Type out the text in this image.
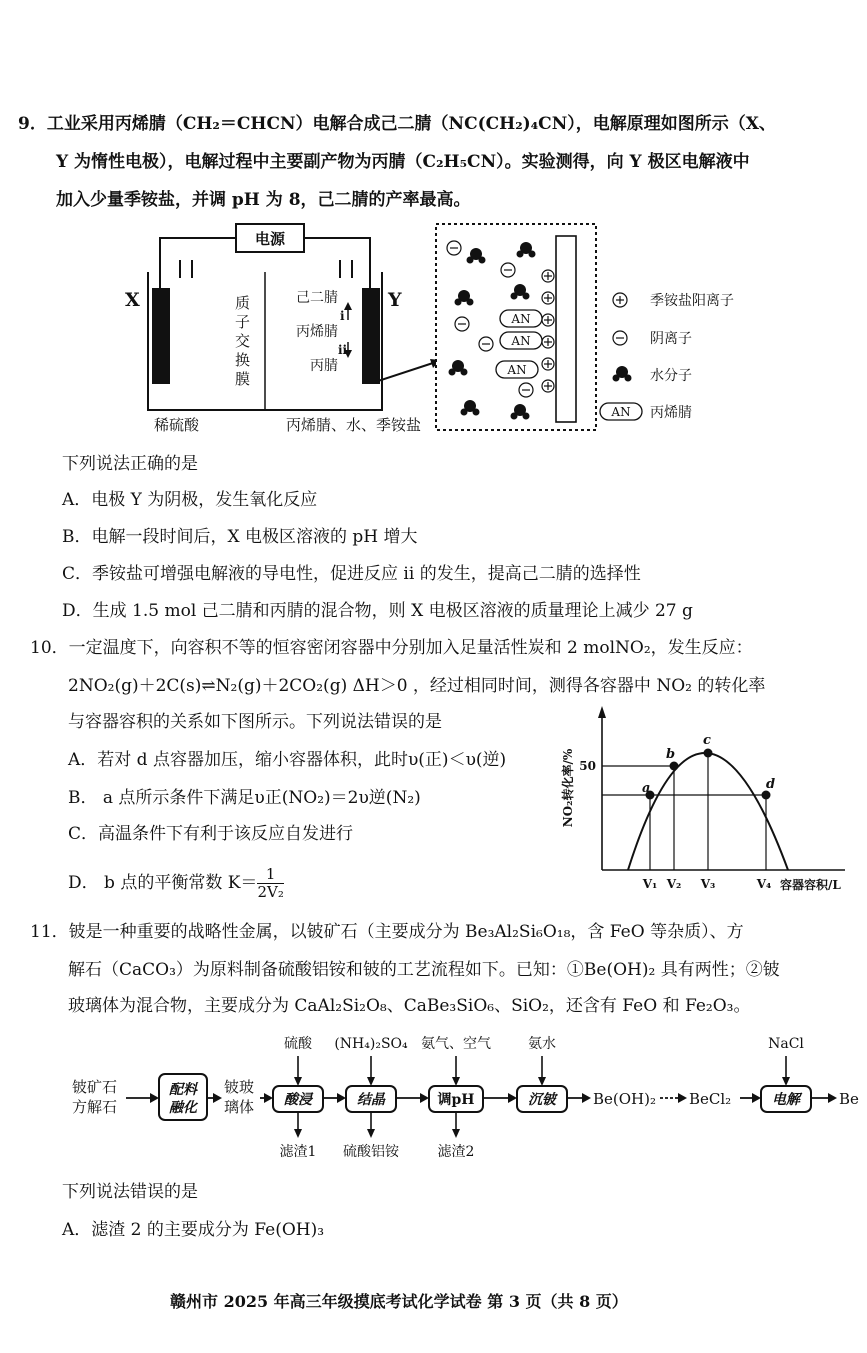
9．工业采用丙烯腈（CH₂＝CHCN）电解合成己二腈（NC(CH₂)₄CN），电解原理如图所示（X、
Y 为惰性电极），电解过程中主要副产物为丙腈（C₂H₅CN）。实验测得，向 Y 极区电解液中
加入少量季铵盐，并调 pH 为 8，己二腈的产率最高。
电源
X	Y
质
子
交
换
膜
己二腈
丙烯腈
丙腈
i
ii
稀硫酸	丙烯腈、水、季铵盐
AN
AN
AN
AN
季铵盐阳离子
阴离子
水分子
丙烯腈
下列说法正确的是
A．电极 Y 为阴极，发生氧化反应
B．电解一段时间后，X 电极区溶液的 pH 增大
C．季铵盐可增强电解液的导电性，促进反应 ii 的发生，提高己二腈的选择性
D．生成 1.5 mol 己二腈和丙腈的混合物，则 X 电极区溶液的质量理论上减少 27 g
10．一定温度下，向容积不等的恒容密闭容器中分别加入足量活性炭和 2 molNO₂，发生反应：
2NO₂(g)＋2C(s)⇌N₂(g)＋2CO₂(g) ΔH＞0 ，经过相同时间，测得各容器中 NO₂ 的转化率
与容器容积的关系如下图所示。下列说法错误的是
A．若对 d 点容器加压，缩小容器体积，此时υ(正)＜υ(逆)
B． a 点所示条件下满足υ正(NO₂)＝2υ逆(N₂)
C．高温条件下有利于该反应自发进行
D． b 点的平衡常数 $K= \frac{1}{\text{2V₂}}$
a
b
c
d
50
NO₂转化率/%
V₁ V₂ V₃	V₄ 容器容积/L
11．铍是一种重要的战略性金属，以铍矿石（主要成分为 Be₃Al₂Si₆O₁₈，含 FeO 等杂质）、方
解石（CaCO₃）为原料制备硫酸铝铵和铍的工艺流程如下。已知：①Be(OH)₂ 具有两性；②铍
玻璃体为混合物，主要成分为 CaAl₂Si₂O₈、CaBe₃SiO₆、SiO₂，还含有 FeO 和 Fe₂O₃。
铍矿石
方解石
配料
融化
铍玻
璃体 酸浸	结晶	调pH	沉铍 Be(OH)₂ BeCl₂	电解	Be
硫酸 (NH₄)₂SO₄ 氨气、空气	氨水	NaCl
滤渣1 硫酸铝铵	滤渣2
下列说法错误的是
A．滤渣 2 的主要成分为 Fe(OH)₃
赣州市 2025 年高三年级摸底考试化学试卷 第 3 页（共 8 页）
